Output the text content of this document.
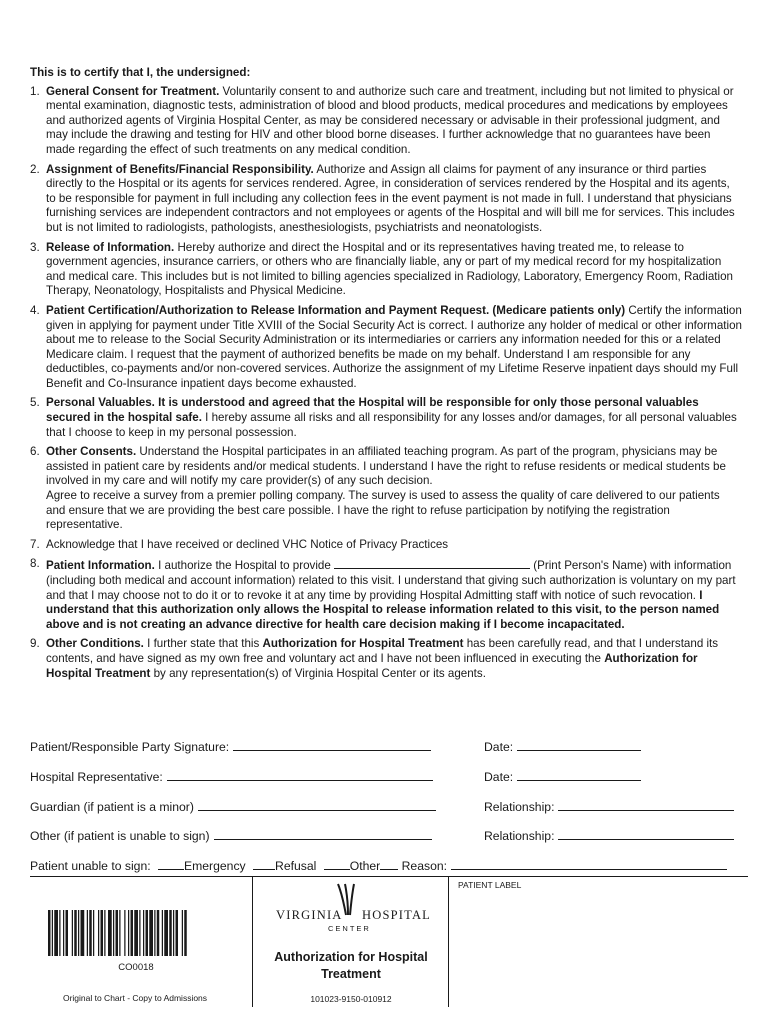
This is to certify that I, the undersigned:

1. General Consent for Treatment. Voluntarily consent to and authorize such care and treatment, including but not limited to physical or mental examination, diagnostic tests, administration of blood and blood products, medical procedures and medications by employees and authorized agents of Virginia Hospital Center, as may be considered necessary or advisable in their professional judgment, and may include the drawing and testing for HIV and other blood borne diseases. I further acknowledge that no guarantees have been made regarding the effect of such treatments on any medical condition.
2. Assignment of Benefits/Financial Responsibility. Authorize and Assign all claims for payment of any insurance or third parties directly to the Hospital or its agents for services rendered. Agree, in consideration of services rendered by the Hospital and its agents, to be responsible for payment in full including any collection fees in the event payment is not made in full. I understand that physicians furnishing services are independent contractors and not employees or agents of the Hospital and will bill me for services. This includes but is not limited to radiologists, pathologists, anesthesiologists, psychiatrists and neonatologists.
3. Release of Information. Hereby authorize and direct the Hospital and or its representatives having treated me, to release to government agencies, insurance carriers, or others who are financially liable, any or part of my medical record for my hospitalization and medical care. This includes but is not limited to billing agencies specialized in Radiology, Laboratory, Emergency Room, Radiation Therapy, Neonatology, Hospitalists and Physical Medicine.
4. Patient Certification/Authorization to Release Information and Payment Request. (Medicare patients only) Certify the information given in applying for payment under Title XVIII of the Social Security Act is correct. I authorize any holder of medical or other information about me to release to the Social Security Administration or its intermediaries or carriers any information needed for this or a related Medicare claim. I request that the payment of authorized benefits be made on my behalf. Understand I am responsible for any deductibles, co-payments and/or non-covered services. Authorize the assignment of my Lifetime Reserve inpatient days should my Full Benefit and Co-Insurance inpatient days become exhausted.
5. Personal Valuables. It is understood and agreed that the Hospital will be responsible for only those personal valuables secured in the hospital safe. I hereby assume all risks and all responsibility for any losses and/or damages, for all personal valuables that I choose to keep in my personal possession.
6. Other Consents. Understand the Hospital participates in an affiliated teaching program. As part of the program, physicians may be assisted in patient care by residents and/or medical students. I understand I have the right to refuse residents or medical students be involved in my care and will notify my care provider(s) of any such decision.
Agree to receive a survey from a premier polling company. The survey is used to assess the quality of care delivered to our patients and ensure that we are providing the best care possible. I have the right to refuse participation by notifying the registration representative.
7. Acknowledge that I have received or declined VHC Notice of Privacy Practices
8. Patient Information. I authorize the Hospital to provide	(Print Person's Name) with information (including both medical and account information) related to this visit. I understand that giving such authorization is voluntary on my part and that I may choose not to do it or to revoke it at any time by providing Hospital Admitting staff with notice of such revocation. I understand that this authorization only allows the Hospital to release information related to this visit, to the person named above and is not creating an advance directive for health care decision making if I become incapacitated.
9. Other Conditions. I further state that this Authorization for Hospital Treatment has been carefully read, and that I understand its contents, and have signed as my own free and voluntary act and I have not been influenced in executing the Authorization for Hospital Treatment by any representation(s) of Virginia Hospital Center or its agents.
Patient/Responsible Party Signature:	Date:
Hospital Representative:	Date:
Guardian (if patient is a minor)	Relationship:
Other (if patient is unable to sign)	Relationship:
Patient unable to sign:	Emergency Refusal	Other Reason:
CO0018
Original to Chart - Copy to Admissions
VIRGINIA HOSPITAL
CENTER
Authorization for Hospital
Treatment
101023-9150-010912
PATIENT LABEL
